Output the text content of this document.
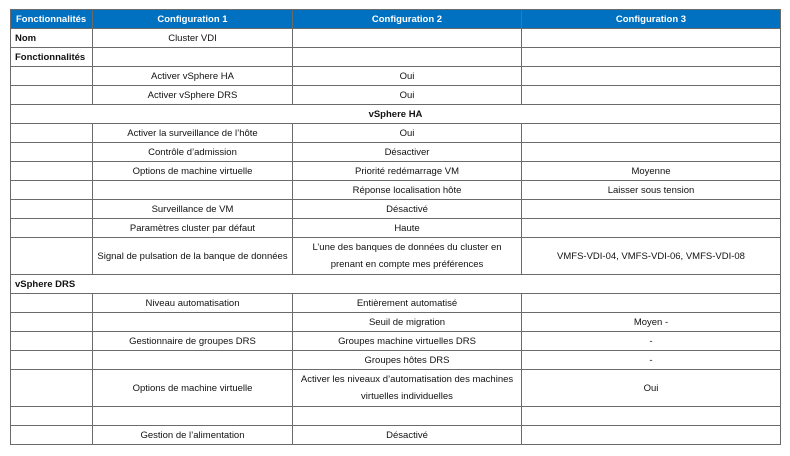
Fonctionnalités	Configuration 1	Configuration 2	Configuration 3
Nom	Cluster VDI		
Fonctionnalités			
	Activer vSphere HA	Oui	
	Activer vSphere DRS	Oui	
vSphere HA			
	Activer la surveillance de l’hôte	Oui	
	Contrôle d’admission	Désactiver	
	Options de machine virtuelle	Priorité redémarrage VM	Moyenne
		Réponse localisation hôte	Laisser sous tension
	Surveillance de VM	Désactivé	
	Paramètres cluster par défaut	Haute	
	Signal de pulsation de la banque de données	L’une des banques de données du cluster en prenant en compte mes préférences	VMFS-VDI-04, VMFS-VDI-06, VMFS-VDI-08
vSphere DRS			
	Niveau automatisation	Entièrement automatisé	
		Seuil de migration	Moyen -
	Gestionnaire de groupes DRS	Groupes machine virtuelles DRS	-
		Groupes hôtes DRS	-
	Options de machine virtuelle	Activer les niveaux d’automatisation des machines virtuelles individuelles	Oui

	Gestion de l’alimentation	Désactivé	
